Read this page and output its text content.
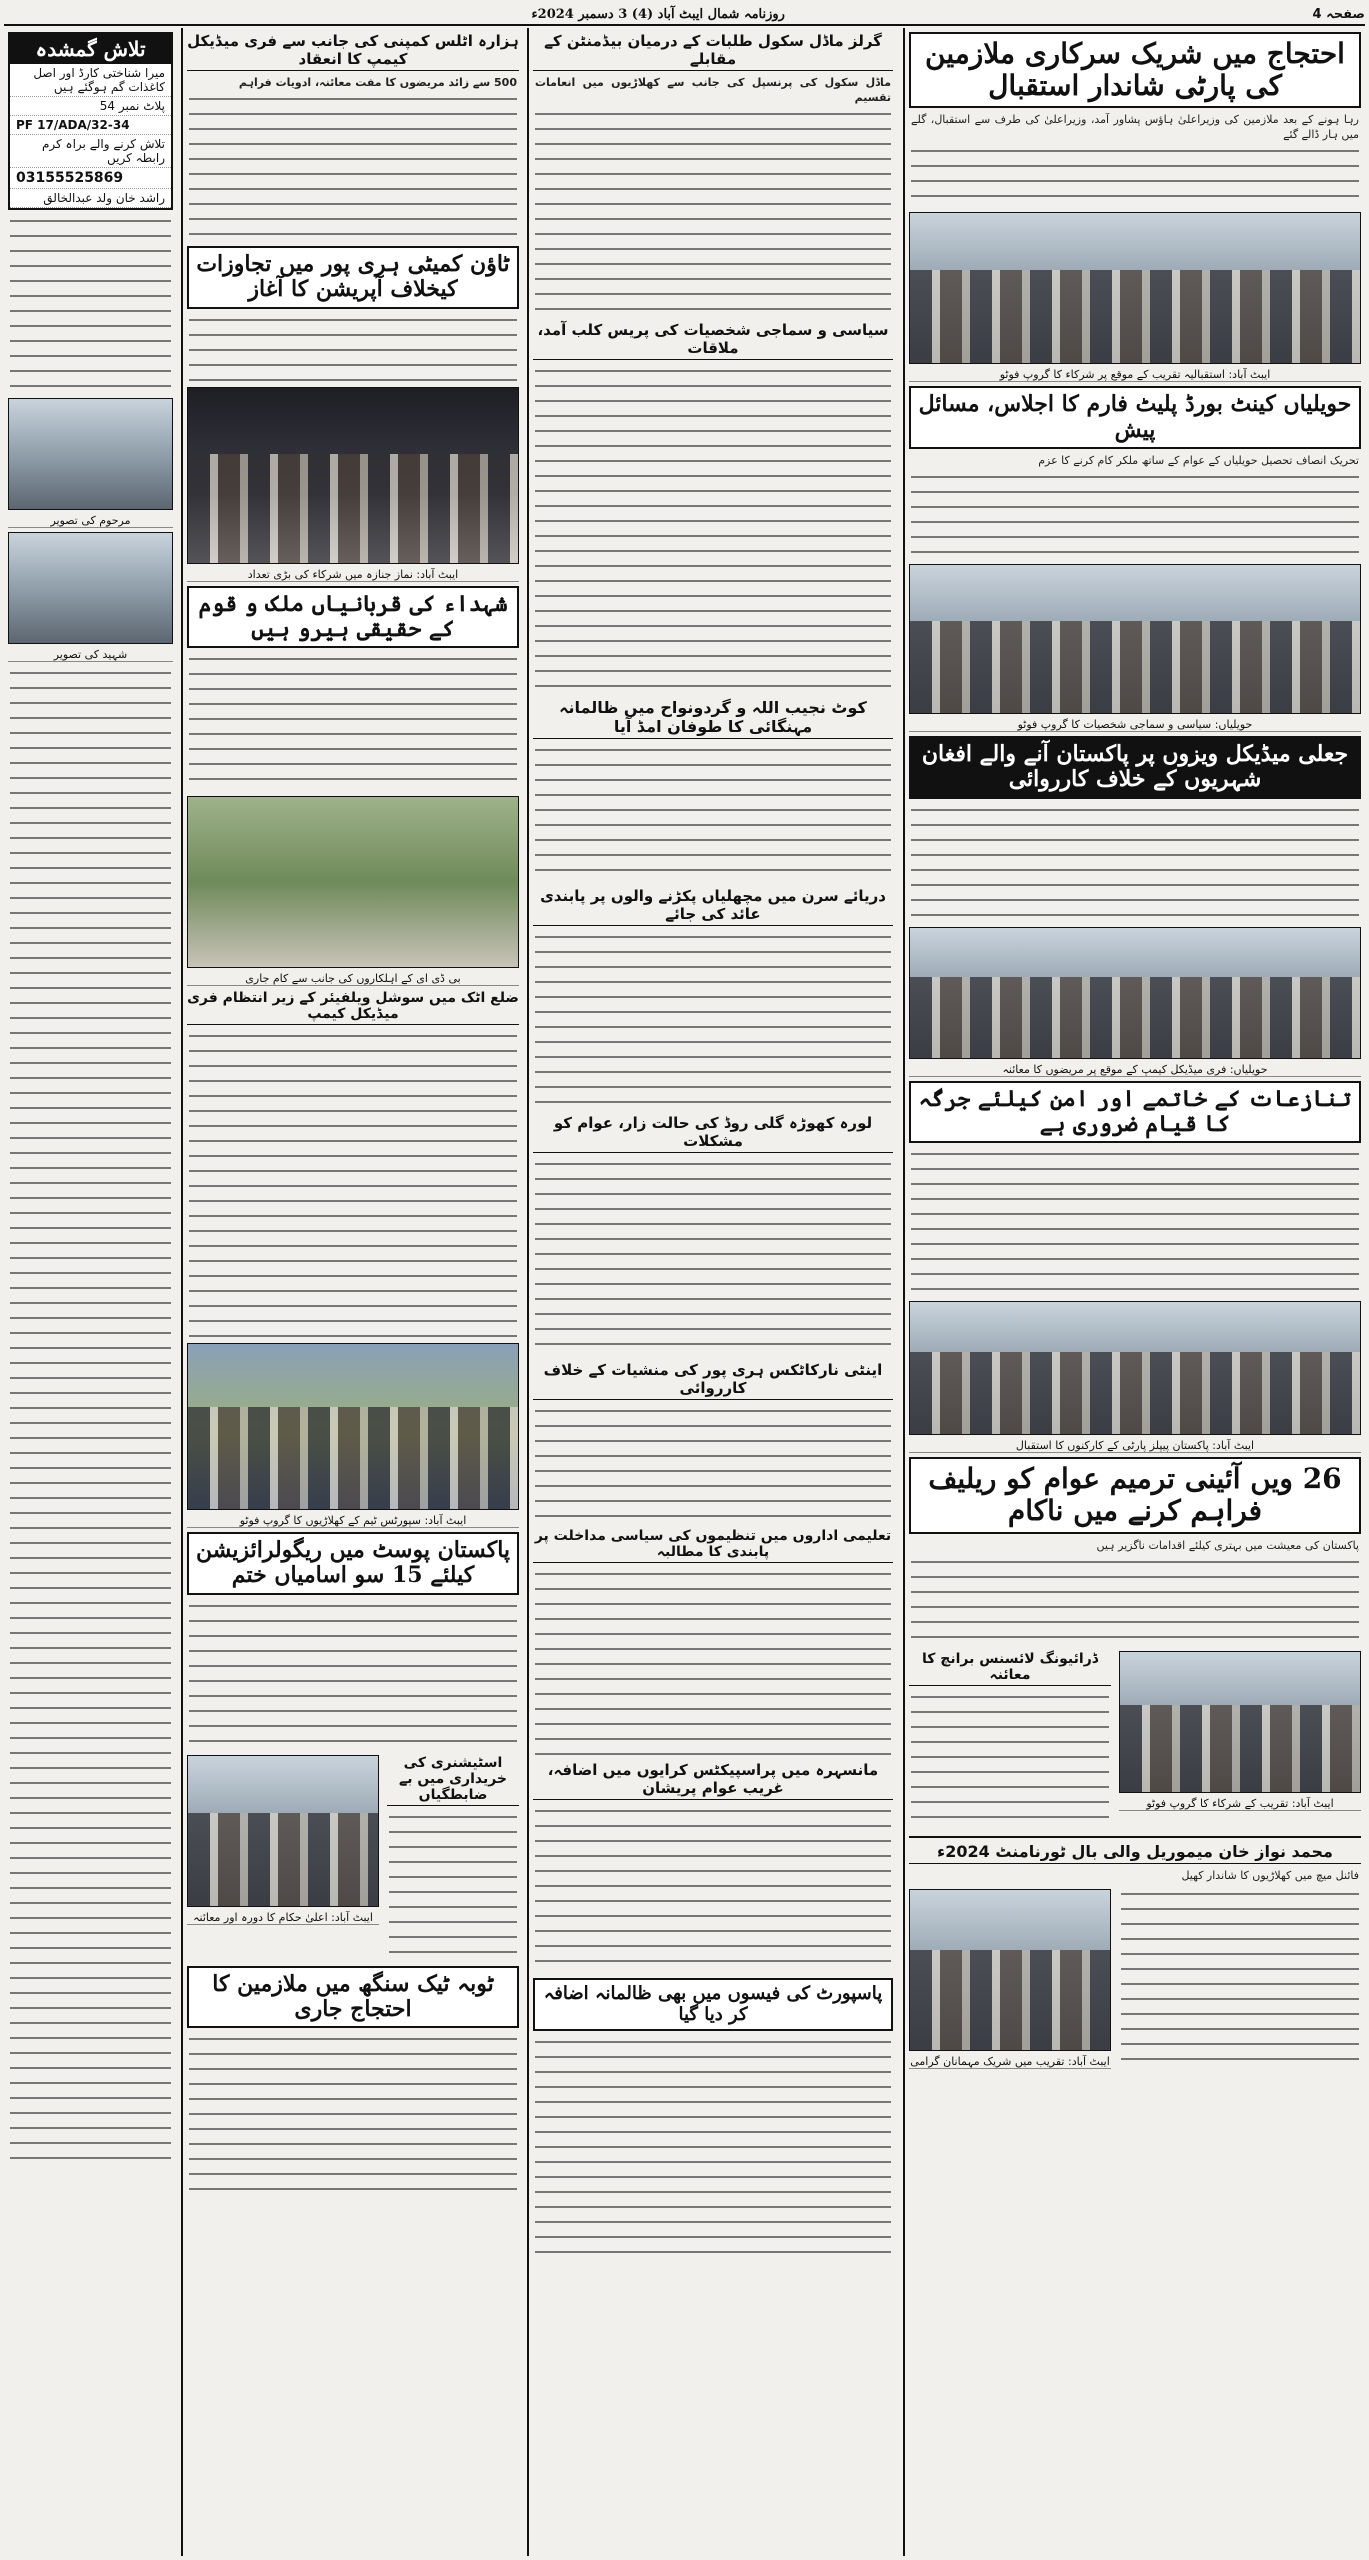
صفحہ 4
روزنامہ شمال ایبٹ آباد (4) 3 دسمبر 2024ء
احتجاج میں شریک سرکاری ملازمین کی پارٹی شاندار استقبال
رہا ہونے کے بعد ملازمین کی وزیراعلیٰ ہاؤس پشاور آمد، وزیراعلیٰ کی طرف سے استقبال، گلے میں ہار ڈالے گئے
ایبٹ آباد: استقبالیہ تقریب کے موقع پر شرکاء کا گروپ فوٹو
حویلیاں کینٹ بورڈ پلیٹ فارم کا اجلاس، مسائل پیش
تحریک انصاف تحصیل حویلیاں کے عوام کے ساتھ ملکر کام کرنے کا عزم
حویلیاں: سیاسی و سماجی شخصیات کا گروپ فوٹو
جعلی میڈیکل ویزوں پر پاکستان آنے والے افغان شہریوں کے خلاف کارروائی
حویلیاں: فری میڈیکل کیمپ کے موقع پر مریضوں کا معائنہ
تنازعات کے خاتمے اور امن کیلئے جرگہ کا قیام ضروری ہے
ایبٹ آباد: پاکستان پیپلز پارٹی کے کارکنوں کا استقبال
26 ویں آئینی ترمیم عوام کو ریلیف فراہم کرنے میں ناکام
پاکستان کی معیشت میں بہتری کیلئے اقدامات ناگزیر ہیں
ایبٹ آباد: تقریب کے شرکاء کا گروپ فوٹو
ڈرائیونگ لائسنس برانچ کا معائنہ
محمد نواز خان میموریل والی بال ٹورنامنٹ 2024ء
فائنل میچ میں کھلاڑیوں کا شاندار کھیل
ایبٹ آباد: تقریب میں شریک مہمانان گرامی
گرلز ماڈل سکول طلبات کے درمیان بیڈمنٹن کے مقابلے
ماڈل سکول کی پرنسپل کی جانب سے کھلاڑیوں میں انعامات تقسیم
سیاسی و سماجی شخصیات کی پریس کلب آمد، ملاقات
کوٹ نجیب اللہ و گردونواح میں ظالمانہ مہنگائی کا طوفان امڈ آیا
دریائے سرن میں مچھلیاں پکڑنے والوں پر پابندی عائد کی جائے
لورہ کھوڑہ گلی روڈ کی حالت زار، عوام کو مشکلات
اینٹی نارکاٹکس ہری پور کی منشیات کے خلاف کارروائی
تعلیمی اداروں میں تنظیموں کی سیاسی مداخلت پر پابندی کا مطالبہ
مانسہرہ میں پراسپیکٹس کرایوں میں اضافہ، غریب عوام پریشان
پاسپورٹ کی فیسوں میں بھی ظالمانہ اضافہ کر دیا گیا
ہزارہ اٹلس کمپنی کی جانب سے فری میڈیکل کیمپ کا انعقاد
500 سے زائد مریضوں کا مفت معائنہ، ادویات فراہم
ٹاؤن کمیٹی ہری پور میں تجاوزات کیخلاف آپریشن کا آغاز
ایبٹ آباد: نماز جنازہ میں شرکاء کی بڑی تعداد
شہداء کی قربانیاں ملک و قوم کے حقیقی ہیرو ہیں
بی ڈی ای کے اہلکاروں کی جانب سے کام جاری
ضلع اٹک میں سوشل ویلفیئر کے زیر انتظام فری میڈیکل کیمپ
ایبٹ آباد: سپورٹس ٹیم کے کھلاڑیوں کا گروپ فوٹو
پاکستان پوسٹ میں ریگولرائزیشن کیلئے 15 سو اسامیاں ختم
اسٹیشنری کی خریداری میں بے ضابطگیاں
ایبٹ آباد: اعلیٰ حکام کا دورہ اور معائنہ
ٹوبہ ٹیک سنگھ میں ملازمین کا احتجاج جاری
تلاش گمشدہ
میرا شناختی کارڈ اور اصل کاغذات گم ہوگئے ہیں
پلاٹ نمبر 54
PF 17/ADA/32-34
تلاش کرنے والے براہ کرم رابطہ کریں
03155525869
راشد خان ولد عبدالخالق
مرحوم کی تصویر
شہید کی تصویر
